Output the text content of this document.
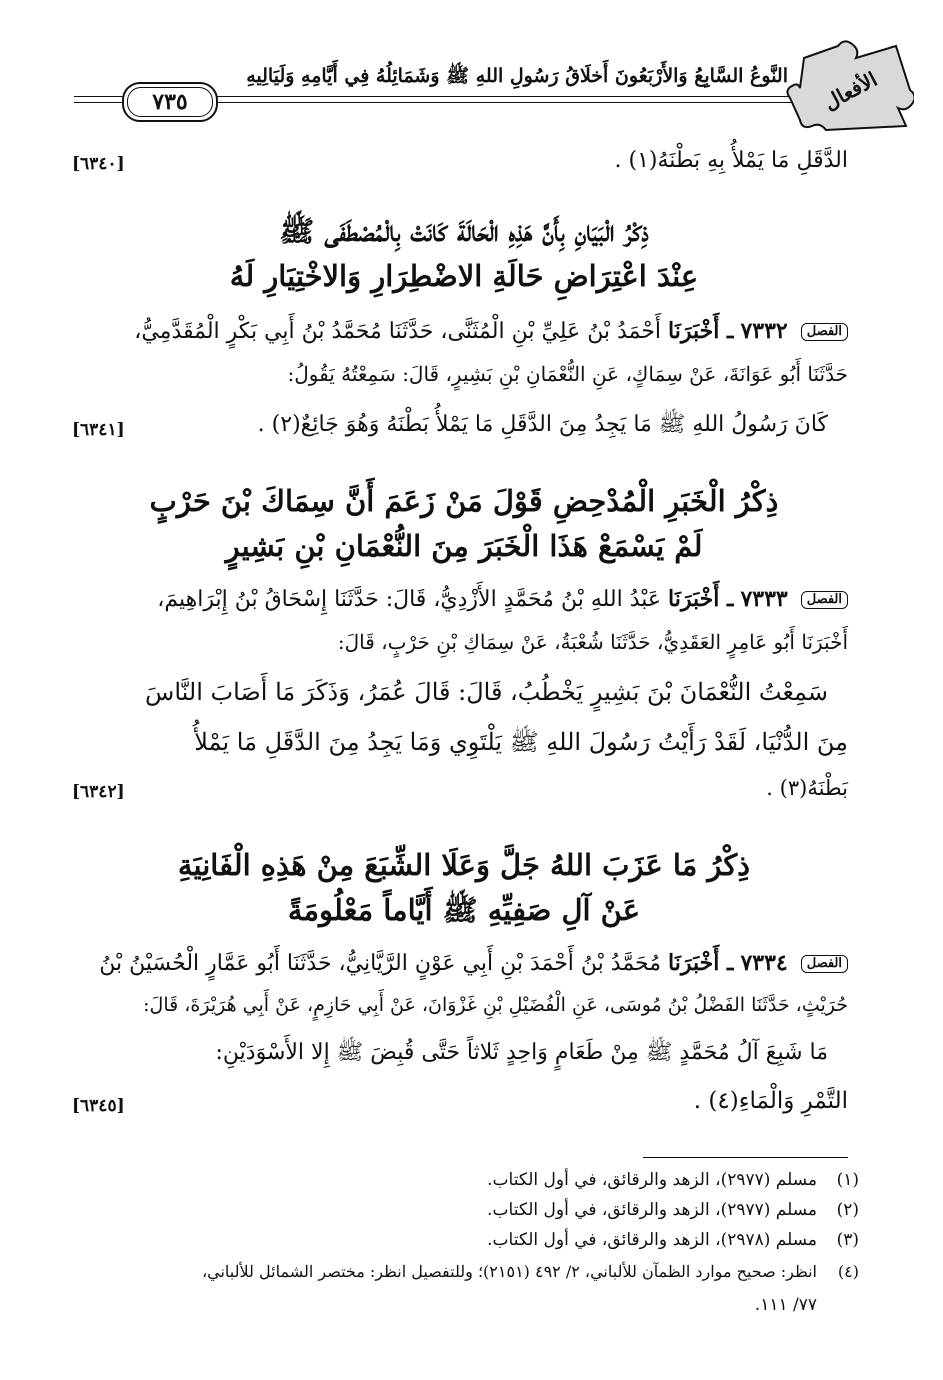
النَّوعُ السَّابِعُ وَالأَرْبَعُونَ أَخلَاقُ رَسُولِ اللهِ ﷺ وَشَمَائِلُهُ فِي أَيَّامِهِ وَلَيَالِيهِ
٧٣٥	الأفعال
الدَّقَلِ مَا يَمْلأُ بِهِ بَطْنَهُ(١) .
[٦٣٤٠]
ذِكْرُ الْبَيَانِ بِأَنَّ هَذِهِ الْحَالَةَ كَانَتْ بِالْمُصْطَفَى ﷺ
عِنْدَ اعْتِرَاضِ حَالَةِ الاضْطِرَارِ وَالاخْتِيَارِ لَهُ
الفصل ٧٣٣٢ ـ أَخْبَرَنَا أَحْمَدُ بْنُ عَلِيِّ بْنِ الْمُثَنَّى، حَدَّثَنَا مُحَمَّدُ بْنُ أَبِي بَكْرٍ الْمُقَدَّمِيُّ،
حَدَّثَنَا أَبُو عَوَانَةَ، عَنْ سِمَاكٍ، عَنِ النُّعْمَانِ بْنِ بَشِيرٍ، قَالَ: سَمِعْتُهُ يَقُولُ:
كَانَ رَسُولُ اللهِ ﷺ مَا يَجِدُ مِنَ الدَّقَلِ مَا يَمْلأُ بَطْنَهُ وَهُوَ جَائِعٌ(٢) .
[٦٣٤١]
ذِكْرُ الْخَبَرِ الْمُدْحِضِ قَوْلَ مَنْ زَعَمَ أَنَّ سِمَاكَ بْنَ حَرْبٍ
لَمْ يَسْمَعْ هَذَا الْخَبَرَ مِنَ النُّعْمَانِ بْنِ بَشِيرٍ
الفصل ٧٣٣٣ ـ أَخْبَرَنَا عَبْدُ اللهِ بْنُ مُحَمَّدٍ الأَزْدِيُّ، قَالَ: حَدَّثَنَا إِسْحَاقُ بْنُ إِبْرَاهِيمَ،
أَخْبَرَنَا أَبُو عَامِرٍ العَقَدِيُّ، حَدَّثَنَا شُعْبَةُ، عَنْ سِمَاكِ بْنِ حَرْبٍ، قَالَ:
سَمِعْتُ النُّعْمَانَ بْنَ بَشِيرٍ يَخْطُبُ، قَالَ: قَالَ عُمَرُ، وَذَكَرَ مَا أَصَابَ النَّاسَ
مِنَ الدُّنْيَا، لَقَدْ رَأَيْتُ رَسُولَ اللهِ ﷺ يَلْتَوِي وَمَا يَجِدُ مِنَ الدَّقَلِ مَا يَمْلأُ
بَطْنَهُ(٣) .
[٦٣٤٢]
ذِكْرُ مَا عَزَبَ اللهُ جَلَّ وَعَلَا الشِّبَعَ مِنْ هَذِهِ الْفَانِيَةِ
عَنْ آلِ صَفِيِّهِ ﷺ أَيَّاماً مَعْلُومَةً
الفصل ٧٣٣٤ ـ أَخْبَرَنَا مُحَمَّدُ بْنُ أَحْمَدَ بْنِ أَبِي عَوْنٍ الرَّيَّانِيُّ، حَدَّثَنَا أَبُو عَمَّارٍ الْحُسَيْنُ بْنُ
حُرَيْثٍ، حَدَّثَنَا الفَضْلُ بْنُ مُوسَى، عَنِ الْفُضَيْلِ بْنِ غَزْوَانَ، عَنْ أَبِي حَازِمٍ، عَنْ أَبِي هُرَيْرَةَ، قَالَ:
مَا شَبِعَ آلُ مُحَمَّدٍ ﷺ مِنْ طَعَامٍ وَاحِدٍ ثَلاثاً حَتَّى قُبِضَ ﷺ إِلا الأَسْوَدَيْنِ:
التَّمْرِ وَالْمَاءِ(٤) .
[٦٣٤٥]
(١)مسلم (٢٩٧٧)، الزهد والرقائق، في أول الكتاب.
(٢)مسلم (٢٩٧٧)، الزهد والرقائق، في أول الكتاب.
(٣)مسلم (٢٩٧٨)، الزهد والرقائق، في أول الكتاب.
(٤)انظر: صحيح موارد الظمآن للألباني، ٢/ ٤٩٢ (٢١٥١)؛ وللتفصيل انظر: مختصر الشمائل للألباني،
٧٧/ ١١١.
